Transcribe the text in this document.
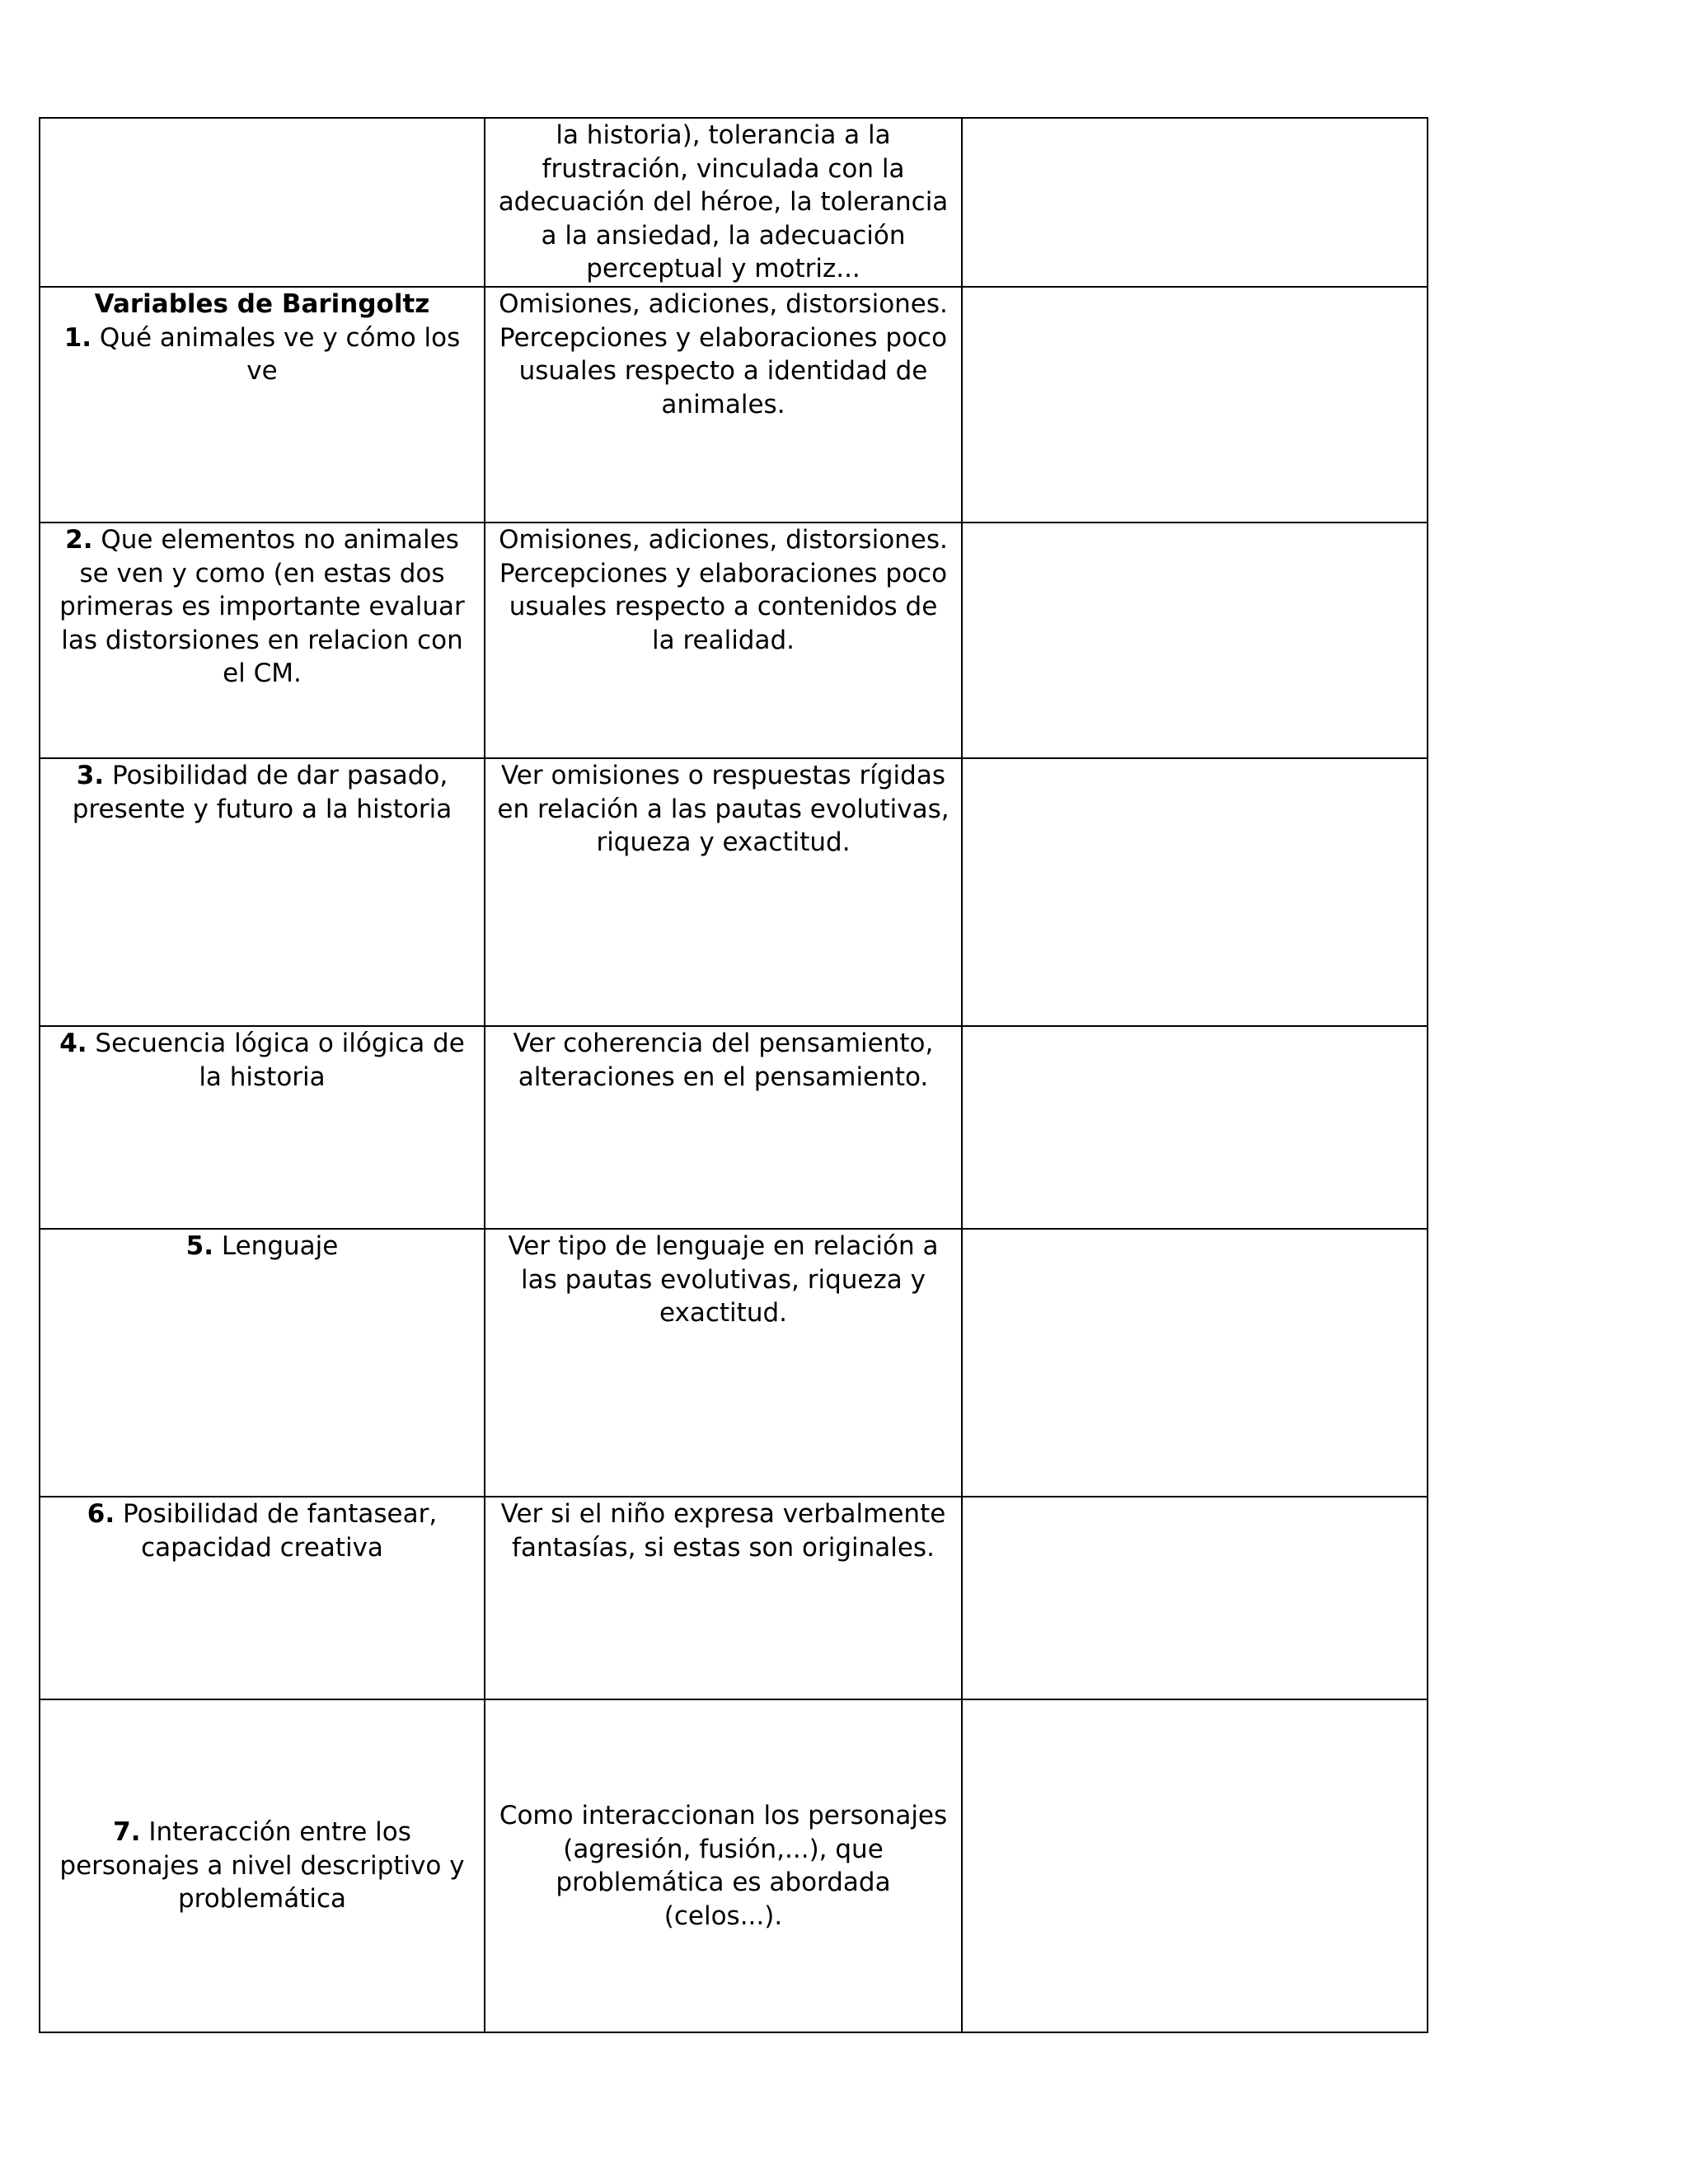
	la historia), tolerancia a la frustración, vinculada con la adecuación del héroe, la tolerancia a la ansiedad, la adecuación perceptual y motriz...	

Variables de Baringoltz
1. Qué animales ve y cómo los ve	Omisiones, adiciones, distorsiones. Percepciones y elaboraciones poco usuales respecto a identidad de animales.	
2. Que elementos no animales se ven y como (en estas dos primeras es importante evaluar las distorsiones en relacion con el CM.	Omisiones, adiciones, distorsiones. Percepciones y elaboraciones poco usuales respecto a contenidos de la realidad.	
3. Posibilidad de dar pasado, presente y futuro a la historia	Ver omisiones o respuestas rígidas en relación a las pautas evolutivas, riqueza y exactitud.	
4. Secuencia lógica o ilógica de la historia	Ver coherencia del pensamiento, alteraciones en el pensamiento.	
5. Lenguaje	Ver tipo de lenguaje en relación a las pautas evolutivas, riqueza y exactitud.	
6. Posibilidad de fantasear, capacidad creativa	Ver si el niño expresa verbalmente fantasías, si estas son originales.	
7. Interacción entre los personajes a nivel descriptivo y problemática	Como interaccionan los personajes (agresión, fusión,...), que problemática es abordada (celos...).	
